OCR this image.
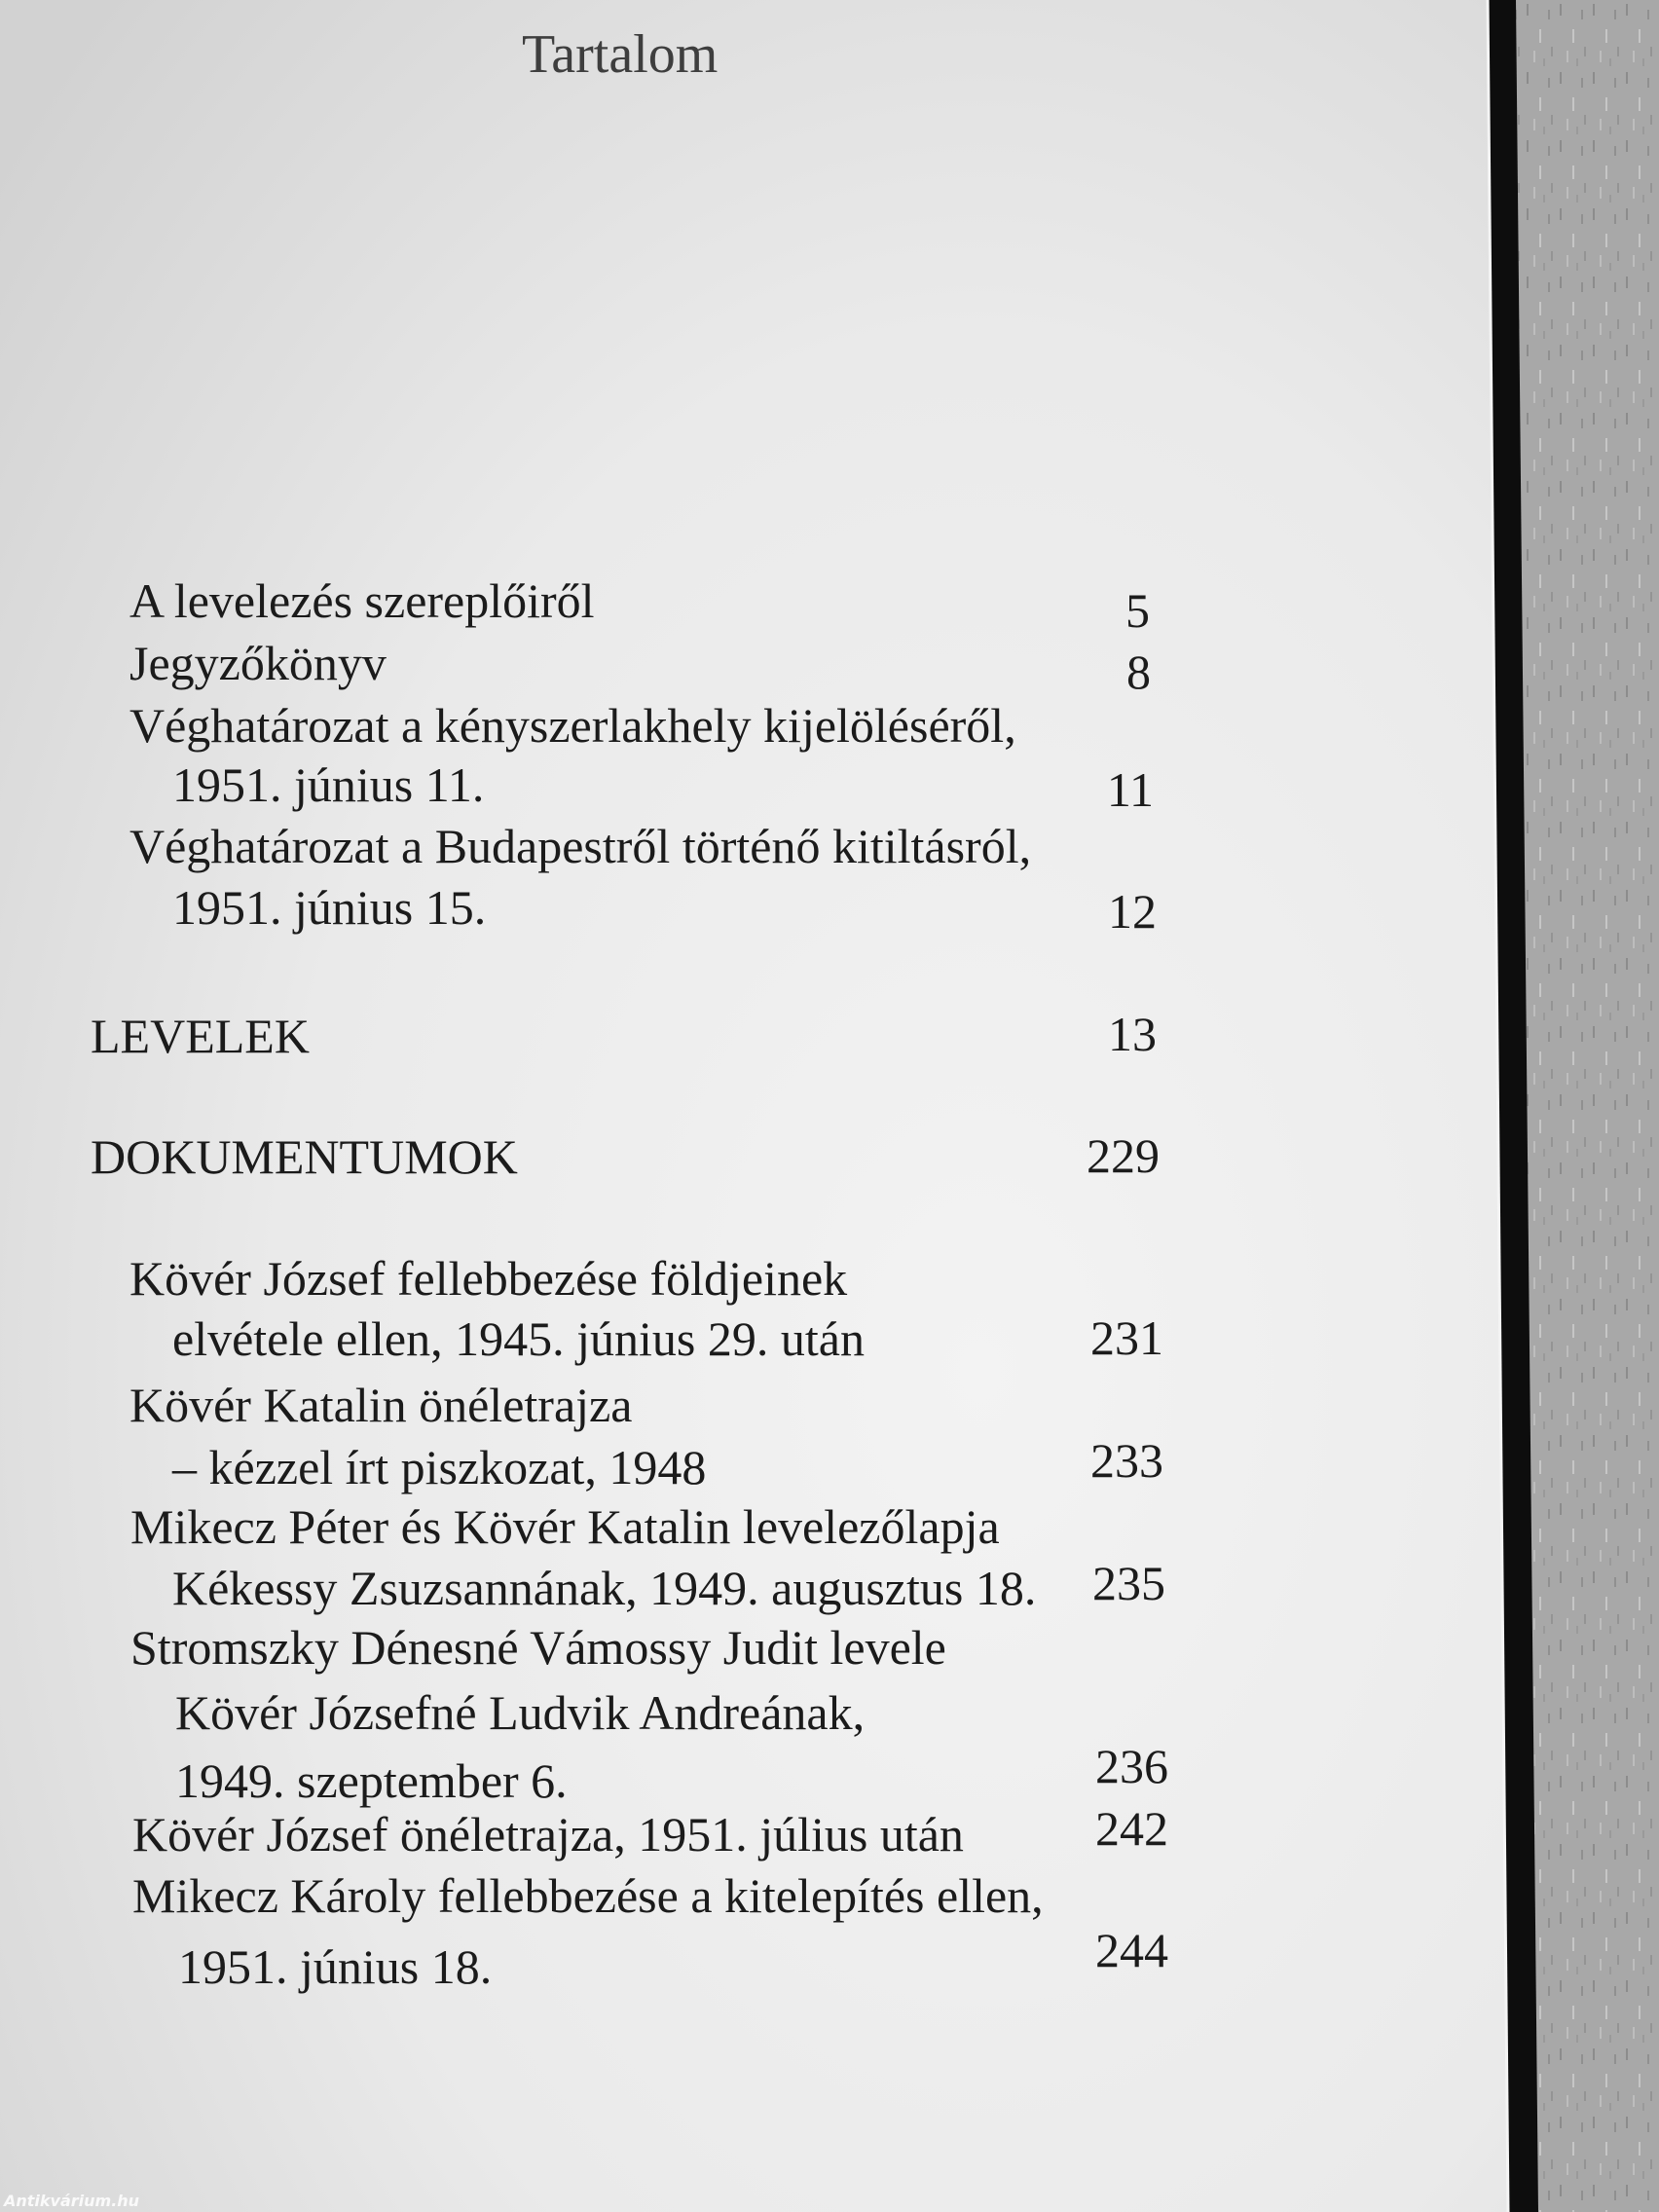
Tartalom
A levelezés szereplőiről	5
Jegyzőkönyv	8
Véghatározat a kényszerlakhely kijelöléséről,
1951. június 11.	11
Véghatározat a Budapestről történő kitiltásról,
1951. június 15.	12
LEVELEK	13
DOKUMENTUMOK	229
Kövér József fellebbezése földjeinek
elvétele ellen, 1945. június 29. után	231
Kövér Katalin önéletrajza
– kézzel írt piszkozat, 1948	233
Mikecz Péter és Kövér Katalin levelezőlapja
Kékessy Zsuzsannának, 1949. augusztus 18.	235
Stromszky Dénesné Vámossy Judit levele
Kövér Józsefné Ludvik Andreának,
1949. szeptember 6.	236
Kövér József önéletrajza, 1951. július után	242
Mikecz Károly fellebbezése a kitelepítés ellen,
1951. június 18.	244
Antikvárium.hu
